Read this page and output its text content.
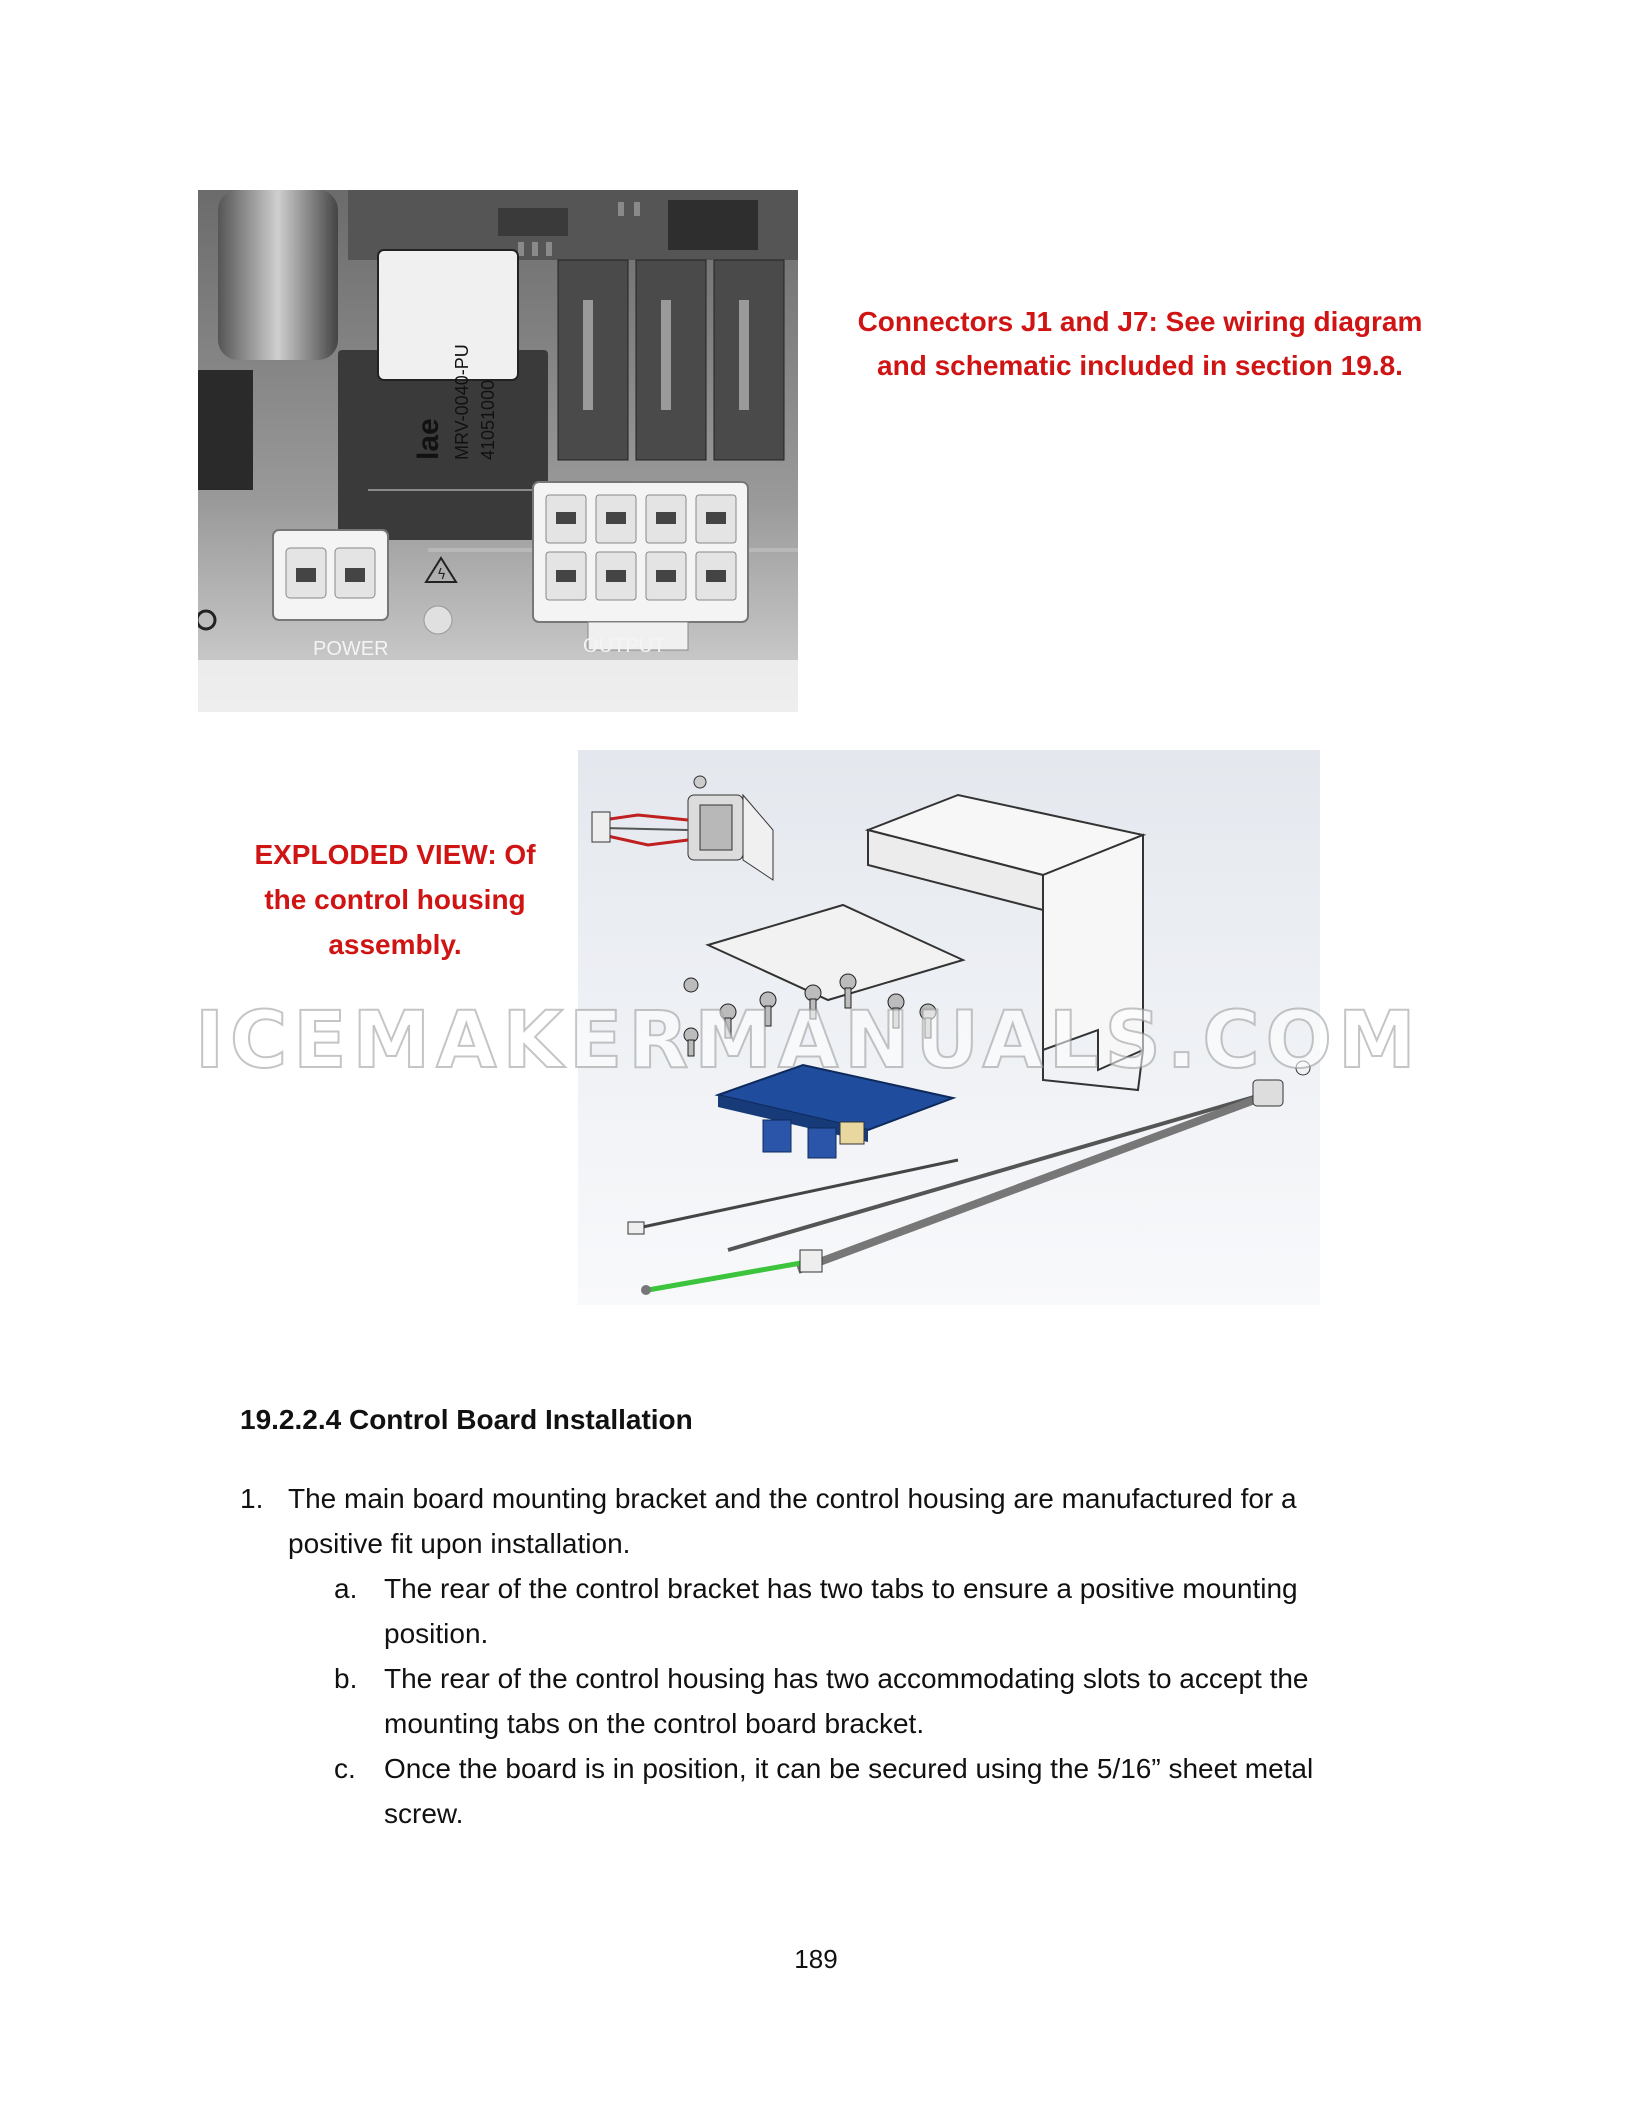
lae MRV-0040-PU 41051000
ϟ
POWER	OUTPUT
Connectors J1 and J7: See wiring diagram
and schematic included in section 19.8.
EXPLODED VIEW: Of
the control housing
assembly.
ICEMAKERMANUALS.COM
19.2.2.4 Control Board Installation
1. The main board mounting bracket and the control housing are manufactured for a positive fit upon installation.
a. The rear of the control bracket has two tabs to ensure a positive mounting position.
b. The rear of the control housing has two accommodating slots to accept the mounting tabs on the control board bracket.
c. Once the board is in position, it can be secured using the 5/16” sheet metal screw.
189
